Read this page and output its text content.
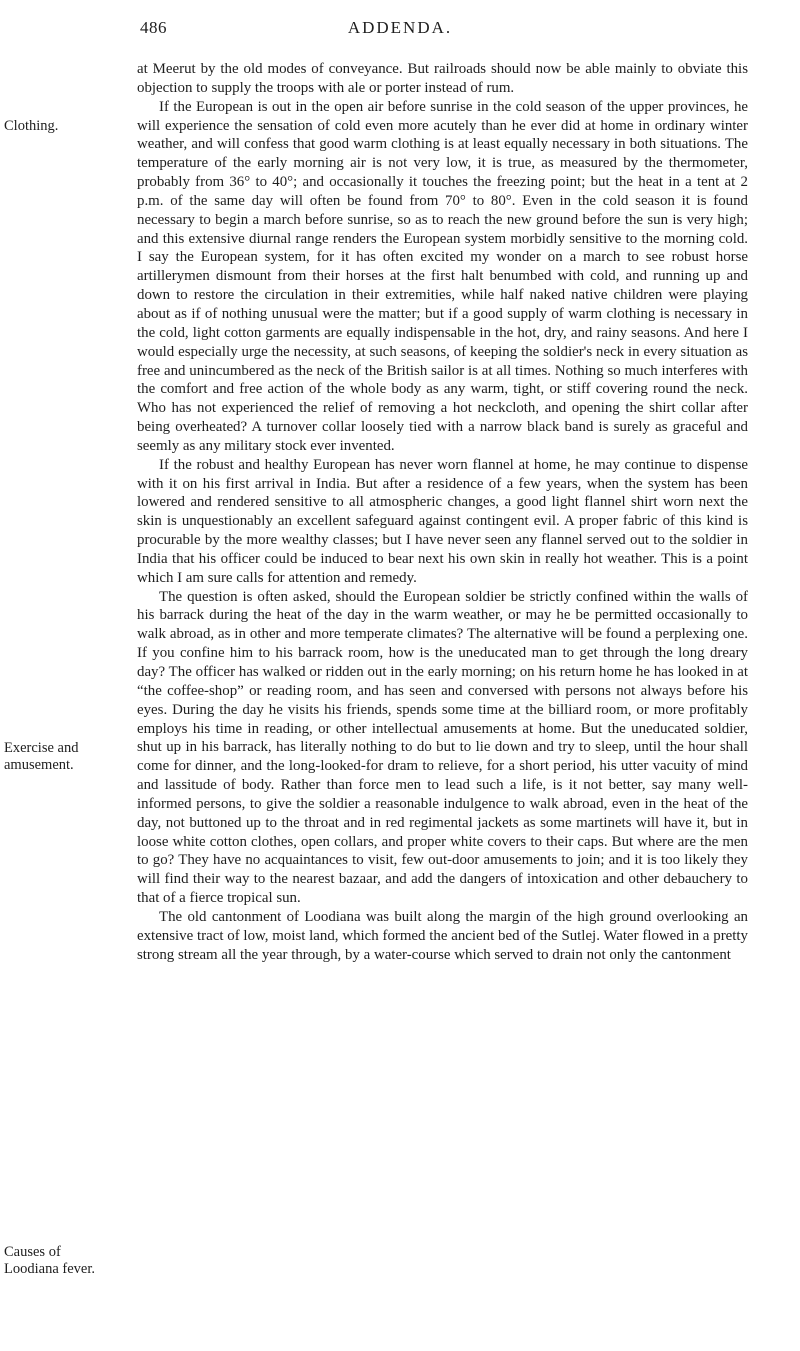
486	ADDENDA.
Clothing.
Exercise and amusement.
Causes of Loodiana fever.

at Meerut by the old modes of conveyance. But railroads should now be able mainly to obviate this objection to supply the troops with ale or porter instead of rum.

If the European is out in the open air before sunrise in the cold season of the upper provinces, he will experience the sensation of cold even more acutely than he ever did at home in ordinary winter weather, and will confess that good warm clothing is at least equally necessary in both situations. The temperature of the early morning air is not very low, it is true, as measured by the thermometer, probably from 36° to 40°; and occasionally it touches the freezing point; but the heat in a tent at 2 p.m. of the same day will often be found from 70° to 80°. Even in the cold season it is found necessary to begin a march before sunrise, so as to reach the new ground before the sun is very high; and this extensive diurnal range renders the European system morbidly sensitive to the morning cold. I say the European system, for it has often excited my wonder on a march to see robust horse artillerymen dismount from their horses at the first halt benumbed with cold, and running up and down to restore the circulation in their extremities, while half naked native children were playing about as if of nothing unusual were the matter; but if a good supply of warm clothing is necessary in the cold, light cotton garments are equally indispensable in the hot, dry, and rainy seasons. And here I would especially urge the necessity, at such seasons, of keeping the soldier's neck in every situation as free and unincumbered as the neck of the British sailor is at all times. Nothing so much interferes with the comfort and free action of the whole body as any warm, tight, or stiff covering round the neck. Who has not experienced the relief of removing a hot neckcloth, and opening the shirt collar after being overheated? A turnover collar loosely tied with a narrow black band is surely as graceful and seemly as any military stock ever invented.

If the robust and healthy European has never worn flannel at home, he may continue to dispense with it on his first arrival in India. But after a residence of a few years, when the system has been lowered and rendered sensitive to all atmospheric changes, a good light flannel shirt worn next the skin is unquestionably an excellent safeguard against contingent evil. A proper fabric of this kind is procurable by the more wealthy classes; but I have never seen any flannel served out to the soldier in India that his officer could be induced to bear next his own skin in really hot weather. This is a point which I am sure calls for attention and remedy.

The question is often asked, should the European soldier be strictly confined within the walls of his barrack during the heat of the day in the warm weather, or may he be permitted occasionally to walk abroad, as in other and more temperate climates? The alternative will be found a perplexing one. If you confine him to his barrack room, how is the uneducated man to get through the long dreary day? The officer has walked or ridden out in the early morning; on his return home he has looked in at “the coffee-shop” or reading room, and has seen and conversed with persons not always before his eyes. During the day he visits his friends, spends some time at the billiard room, or more profitably employs his time in reading, or other intellectual amusements at home. But the uneducated soldier, shut up in his barrack, has literally nothing to do but to lie down and try to sleep, until the hour shall come for dinner, and the long-looked-for dram to relieve, for a short period, his utter vacuity of mind and lassitude of body. Rather than force men to lead such a life, is it not better, say many well-informed persons, to give the soldier a reasonable indulgence to walk abroad, even in the heat of the day, not buttoned up to the throat and in red regimental jackets as some martinets will have it, but in loose white cotton clothes, open collars, and proper white covers to their caps. But where are the men to go? They have no acquaintances to visit, few out-door amusements to join; and it is too likely they will find their way to the nearest bazaar, and add the dangers of intoxication and other debauchery to that of a fierce tropical sun.

The old cantonment of Loodiana was built along the margin of the high ground overlooking an extensive tract of low, moist land, which formed the ancient bed of the Sutlej. Water flowed in a pretty strong stream all the year through, by a water-course which served to drain not only the cantonment
